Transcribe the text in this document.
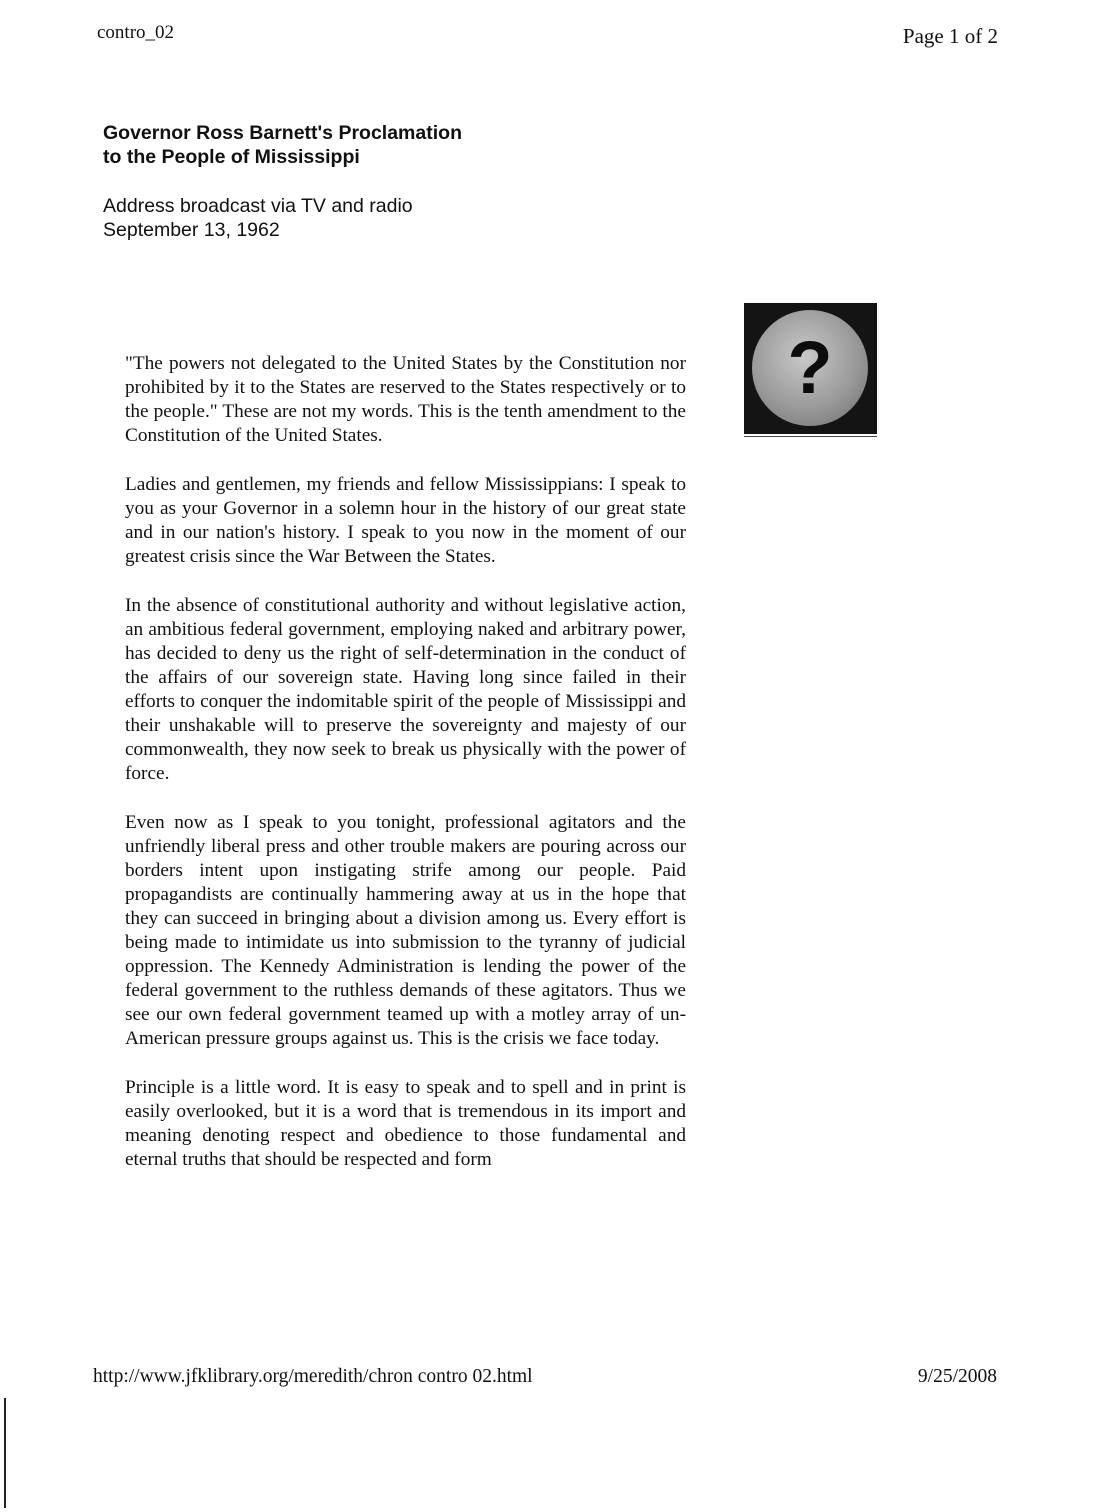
contro_02	Page 1 of 2
Governor Ross Barnett's Proclamation
to the People of Mississippi
Address broadcast via TV and radio
September 13, 1962
?

"The powers not delegated to the United States by the Constitution nor prohibited by it to the States are reserved to the States respectively or to the people." These are not my words. This is the tenth amendment to the Constitution of the United States.

Ladies and gentlemen, my friends and fellow Mississippians: I speak to you as your Governor in a solemn hour in the history of our great state and in our nation's history. I speak to you now in the moment of our greatest crisis since the War Between the States.

In the absence of constitutional authority and without legislative action, an ambitious federal government, employing naked and arbitrary power, has decided to deny us the right of self-determination in the conduct of the affairs of our sovereign state. Having long since failed in their efforts to conquer the indomitable spirit of the people of Mississippi and their unshakable will to preserve the sovereignty and majesty of our commonwealth, they now seek to break us physically with the power of force.

Even now as I speak to you tonight, professional agitators and the unfriendly liberal press and other trouble makers are pouring across our borders intent upon instigating strife among our people. Paid propagandists are continually hammering away at us in the hope that they can succeed in bringing about a division among us. Every effort is being made to intimidate us into submission to the tyranny of judicial oppression. The Kennedy Administration is lending the power of the federal government to the ruthless demands of these agitators. Thus we see our own federal government teamed up with a motley array of un-American pressure groups against us. This is the crisis we face today.

Principle is a little word. It is easy to speak and to spell and in print is easily overlooked, but it is a word that is tremendous in its import and meaning denoting respect and obedience to those fundamental and eternal truths that should be respected and form

http://www.jfklibrary.org/meredith/chron contro 02.html	9/25/2008
